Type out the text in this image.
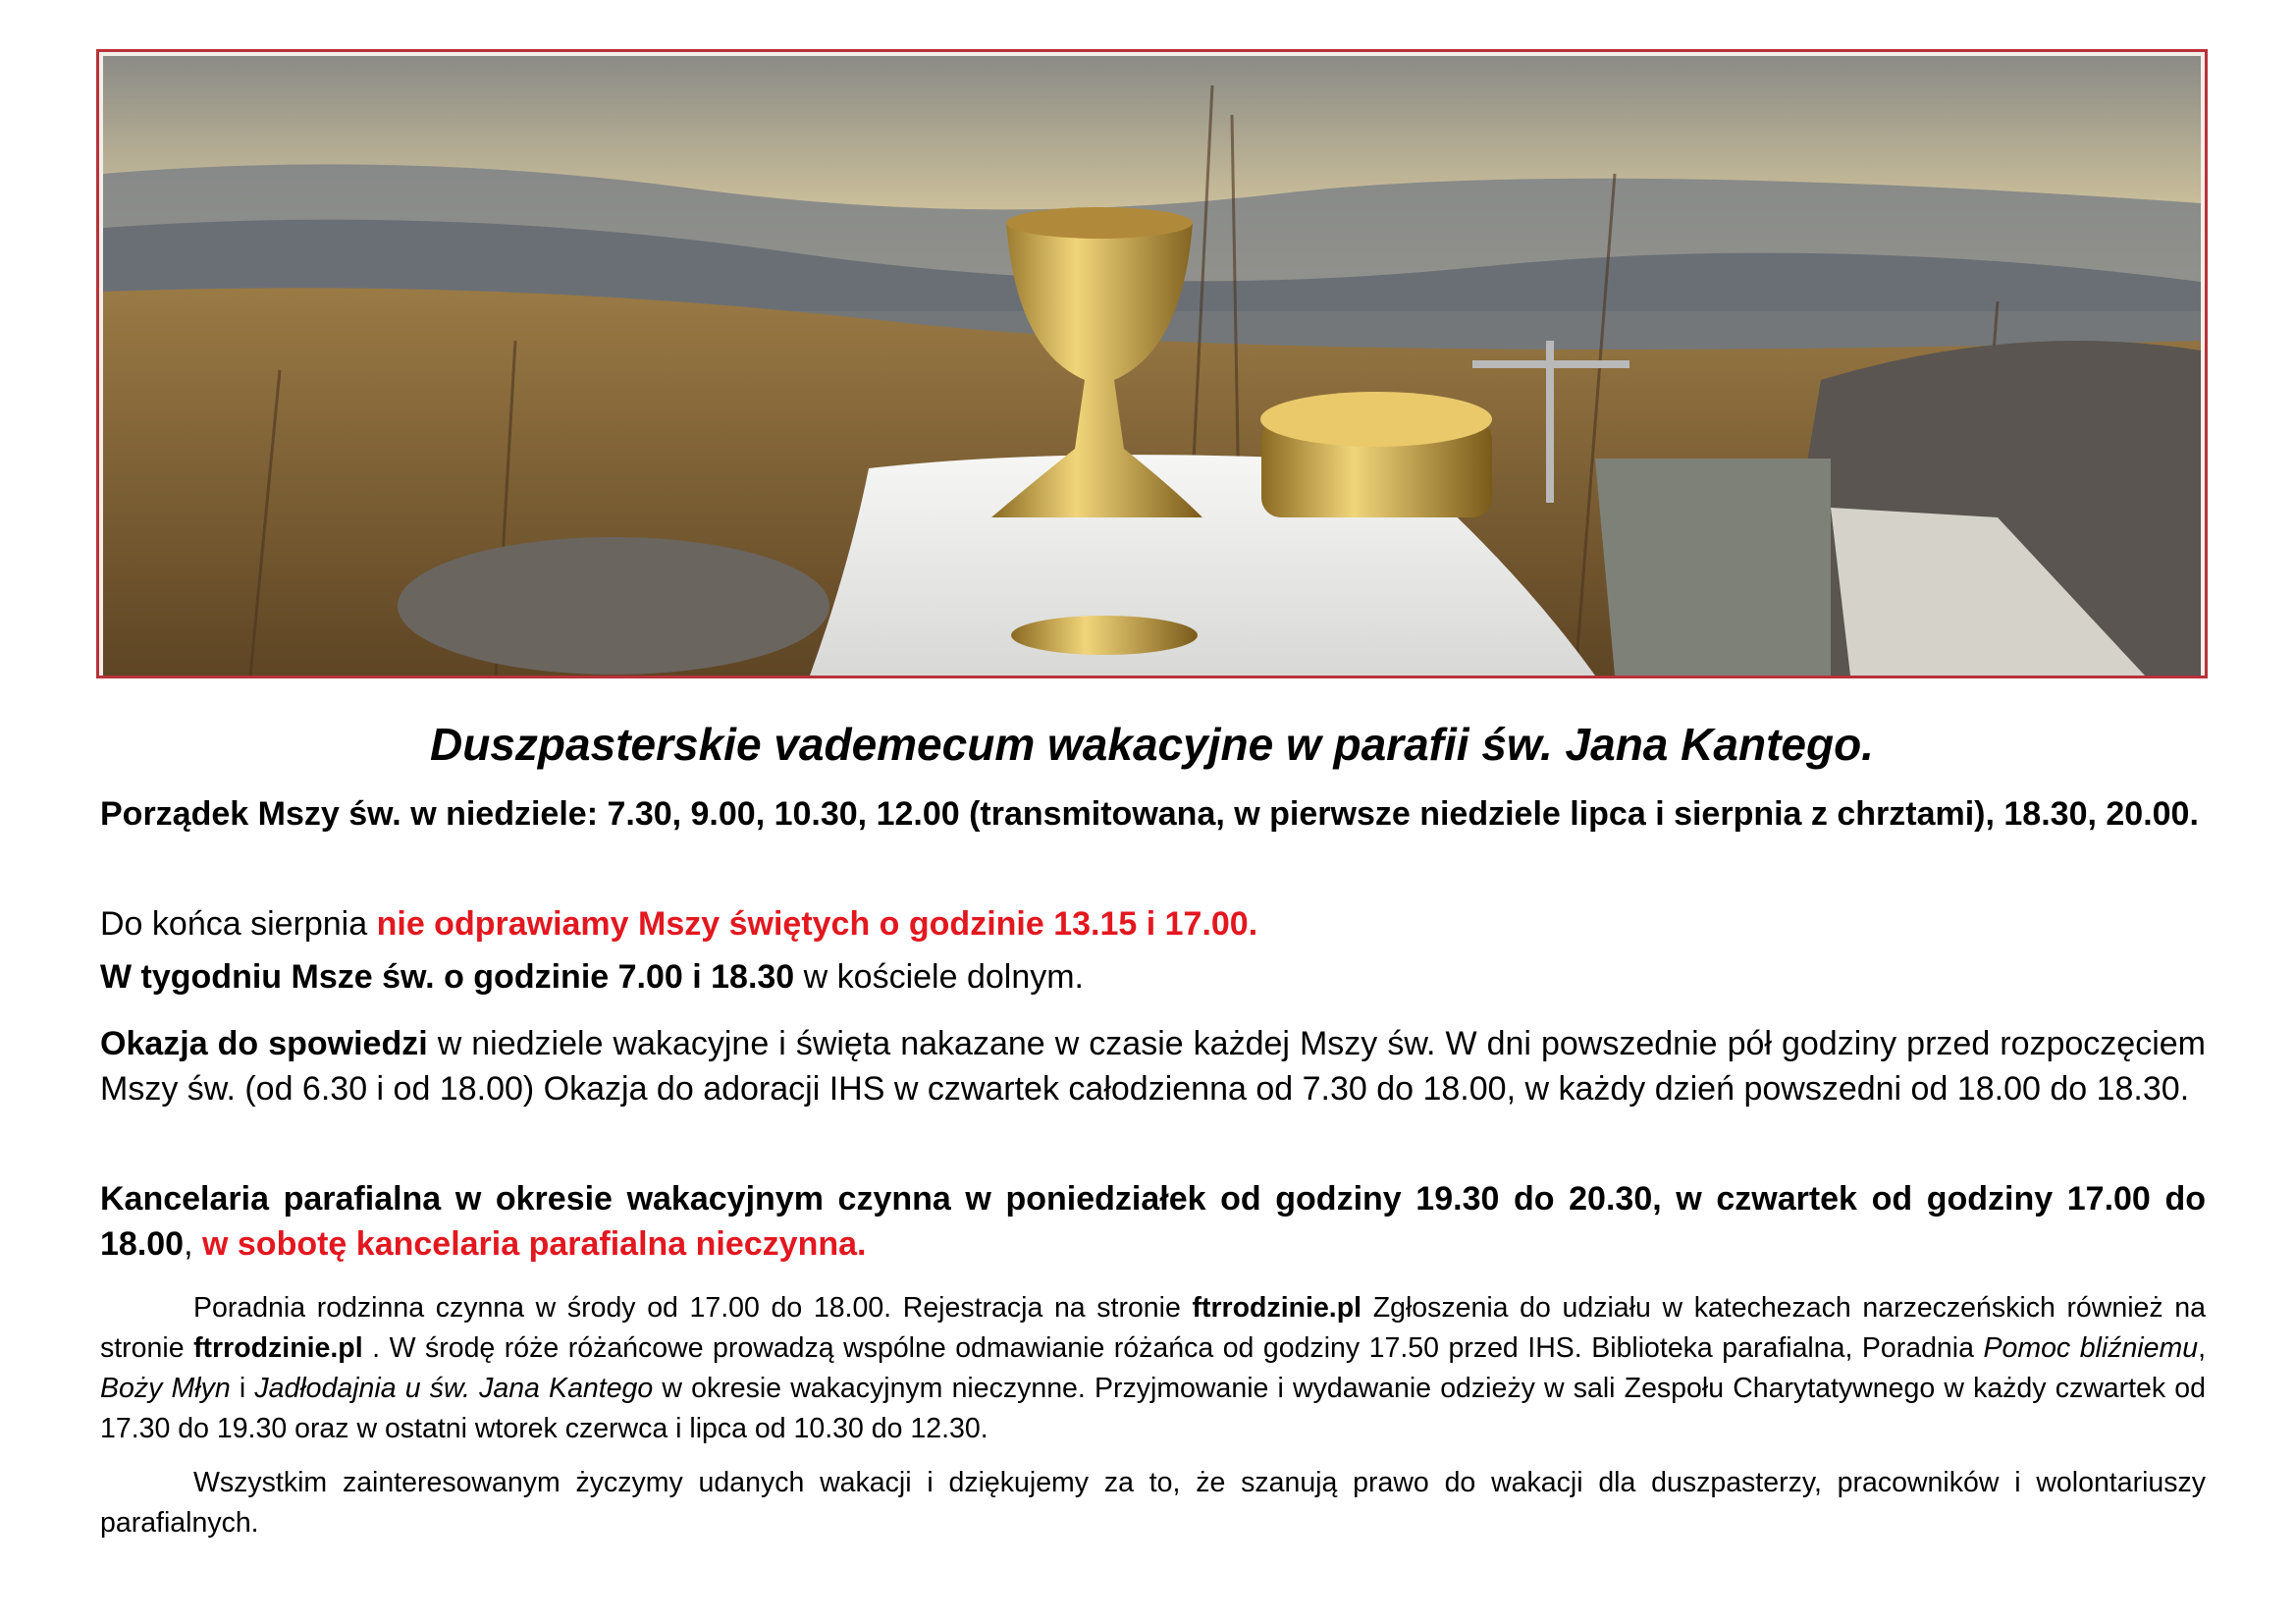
Duszpasterskie vademecum wakacyjne w parafii św. Jana Kantego.

Porządek Mszy św. w niedziele: 7.30, 9.00, 10.30, 12.00 (transmitowana, w pierwsze niedziele lipca i sierpnia z chrztami), 18.30, 20.00.

Do końca sierpnia nie odprawiamy Mszy świętych o godzinie 13.15 i 17.00.

W tygodniu Msze św. o godzinie 7.00 i 18.30 w kościele dolnym.

Okazja do spowiedzi w niedziele wakacyjne i święta nakazane w czasie każdej Mszy św. W dni powszednie pół godziny przed rozpoczęciem Mszy św. (od 6.30 i od 18.00) Okazja do adoracji IHS w czwartek całodzienna od 7.30 do 18.00, w każdy dzień powszedni od 18.00 do 18.30.

Kancelaria parafialna w okresie wakacyjnym czynna w poniedziałek od godziny 19.30 do 20.30, w czwartek od godziny 17.00 do 18.00, w sobotę kancelaria parafialna nieczynna.

Poradnia rodzinna czynna w środy od 17.00 do 18.00. Rejestracja na stronie ftrrodzinie.pl Zgłoszenia do udziału w katechezach narzeczeńskich również na stronie ftrrodzinie.pl . W środę róże różańcowe prowadzą wspólne odmawianie różańca od godziny 17.50 przed IHS. Biblioteka parafialna, Poradnia Pomoc bliźniemu, Boży Młyn i Jadłodajnia u św. Jana Kantego w okresie wakacyjnym nieczynne. Przyjmowanie i wydawanie odzieży w sali Zespołu Charytatywnego w każdy czwartek od 17.30 do 19.30 oraz w ostatni wtorek czerwca i lipca od 10.30 do 12.30.

Wszystkim zainteresowanym życzymy udanych wakacji i dziękujemy za to, że szanują prawo do wakacji dla duszpasterzy, pracowników i wolontariuszy parafialnych.
